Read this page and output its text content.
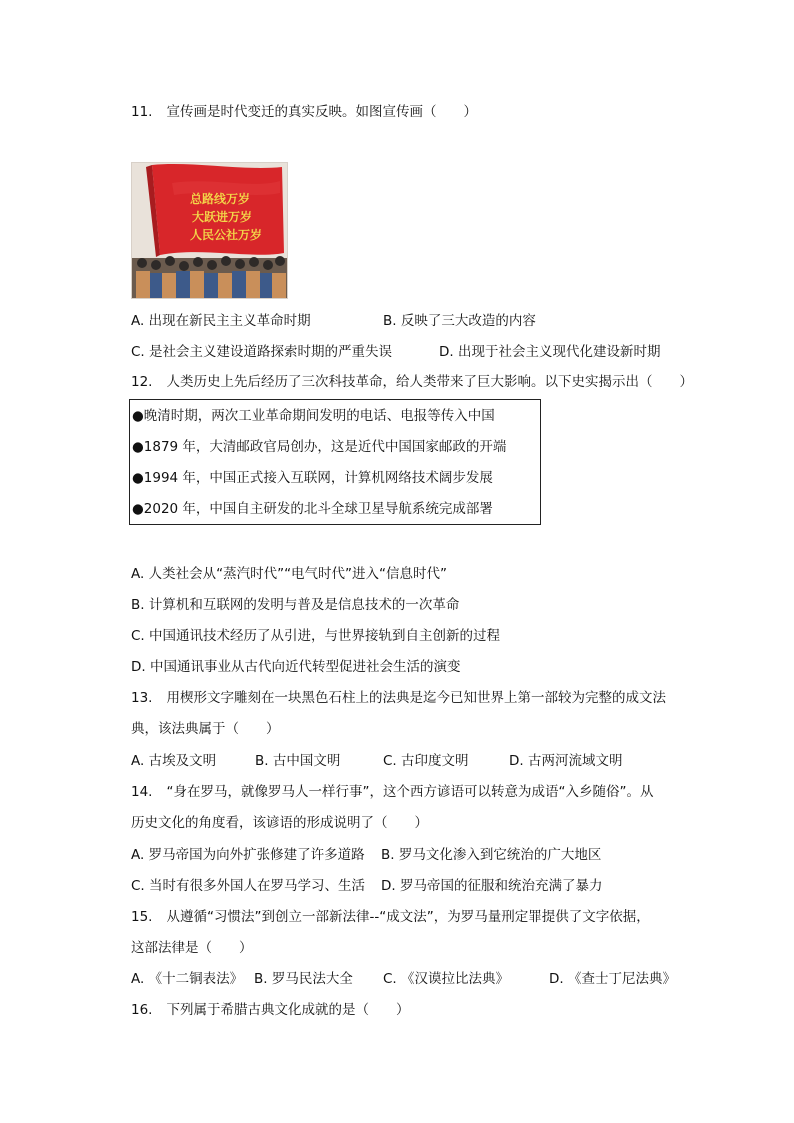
11. 宣传画是时代变迁的真实反映。如图宣传画（　　）
总路线万岁
大跃进万岁
人民公社万岁
A. 出现在新民主主义革命时期	B. 反映了三大改造的内容
C. 是社会主义建设道路探索时期的严重失误	D. 出现于社会主义现代化建设新时期
12. 人类历史上先后经历了三次科技革命，给人类带来了巨大影响。以下史实揭示出（　　）
●晚清时期，两次工业革命期间发明的电话、电报等传入中国
●1879 年，大清邮政官局创办，这是近代中国国家邮政的开端
●1994 年，中国正式接入互联网，计算机网络技术阔步发展
●2020 年，中国自主研发的北斗全球卫星导航系统完成部署
A. 人类社会从“蒸汽时代”“电气时代”进入“信息时代”
B. 计算机和互联网的发明与普及是信息技术的一次革命
C. 中国通讯技术经历了从引进，与世界接轨到自主创新的过程
D. 中国通讯事业从古代向近代转型促进社会生活的演变
13. 用楔形文字雕刻在一块黑色石柱上的法典是迄今已知世界上第一部较为完整的成文法
典，该法典属于（　　）
A. 古埃及文明	B. 古中国文明	C. 古印度文明	D. 古两河流域文明
14. “身在罗马，就像罗马人一样行事”，这个西方谚语可以转意为成语“入乡随俗”。从
历史文化的角度看，该谚语的形成说明了（　　）
A. 罗马帝国为向外扩张修建了许多道路 B. 罗马文化渗入到它统治的广大地区
C. 当时有很多外国人在罗马学习、生活 D. 罗马帝国的征服和统治充满了暴力
15. 从遵循“习惯法”到创立一部新法律--“成文法”，为罗马量刑定罪提供了文字依据，
这部法律是（　　）
A. 《十二铜表法》 B. 罗马民法大全 C. 《汉谟拉比法典》	D. 《查士丁尼法典》
16. 下列属于希腊古典文化成就的是（　　）
